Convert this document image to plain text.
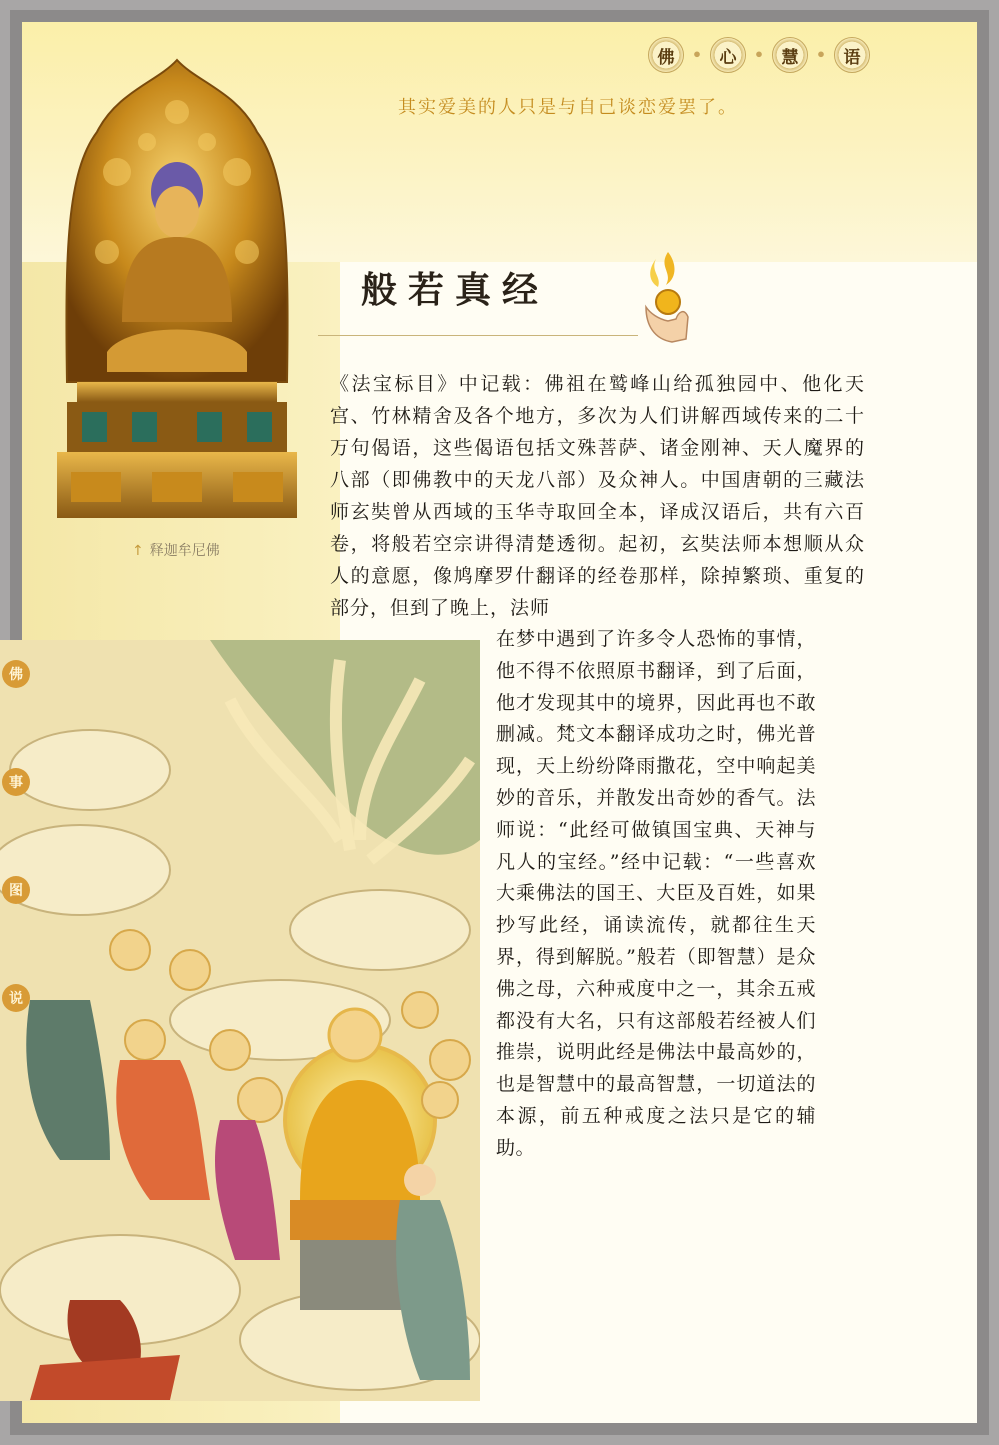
佛	•	心	•	慧	•	语
其实爱美的人只是与自己谈恋爱罢了。
↑ 释迦牟尼佛
般若真经
《法宝标目》中记载：佛祖在鹫峰山给孤独园中、他化天宫、竹林精舍及各个地方，多次为人们讲解西域传来的二十万句偈语，这些偈语包括文殊菩萨、诸金刚神、天人魔界的八部（即佛教中的天龙八部）及众神人。中国唐朝的三藏法师玄奘曾从西域的玉华寺取回全本，译成汉语后，共有六百卷，将般若空宗讲得清楚透彻。起初，玄奘法师本想顺从众人的意愿，像鸠摩罗什翻译的经卷那样，除掉繁琐、重复的部分，但到了晚上，法师
在梦中遇到了许多令人恐怖的事情，他不得不依照原书翻译，到了后面，他才发现其中的境界，因此再也不敢删减。梵文本翻译成功之时，佛光普现，天上纷纷降雨撒花，空中响起美妙的音乐，并散发出奇妙的香气。法师说：“此经可做镇国宝典、天神与凡人的宝经。”经中记载：“一些喜欢大乘佛法的国王、大臣及百姓，如果抄写此经，诵读流传，就都往生天界，得到解脱。”般若（即智慧）是众佛之母，六种戒度中之一，其余五戒都没有大名，只有这部般若经被人们推崇，说明此经是佛法中最高妙的，也是智慧中的最高智慧，一切道法的本源，前五种戒度之法只是它的辅助。
佛
事
图
说
